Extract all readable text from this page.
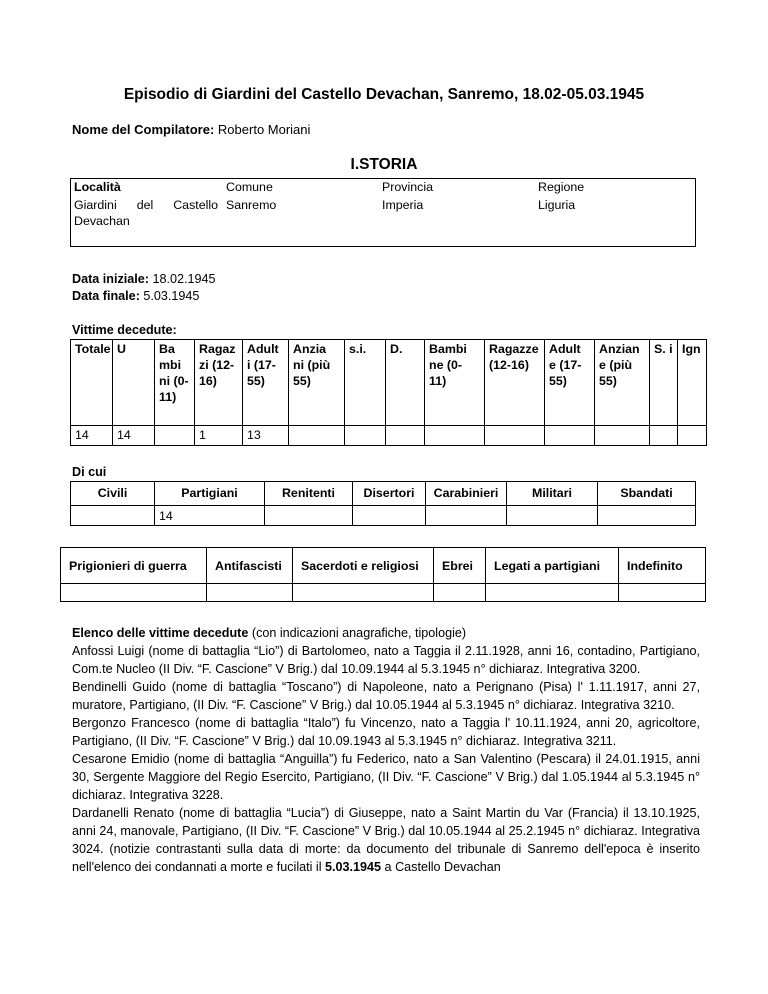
Episodio di Giardini del Castello Devachan, Sanremo, 18.02-05.03.1945
Nome del Compilatore: Roberto Moriani
I.STORIA
Località	Comune	Provincia	Regione
Giardini del Castello Devachan	Sanremo	Imperia	Liguria
Data iniziale: 18.02.1945
Data finale: 5.03.1945
Vittime decedute:
Totale	U	Ba mbi ni (0- 11)	Ragaz zi (12- 16)	Adult i (17- 55)	Anzia ni (più 55)	s.i.	D.	Bambi ne (0- 11)	Ragazze (12-16)	Adult e (17- 55)	Anzian e (più 55)	S. i	Ign
14	14		1	13									
Di cui
Civili	Partigiani	Renitenti	Disertori	Carabinieri	Militari	Sbandati
	14					
Prigionieri di guerra	Antifascisti	Sacerdoti e religiosi	Ebrei	Legati a partigiani	Indefinito

Elenco delle vittime decedute (con indicazioni anagrafiche, tipologie)

Anfossi Luigi (nome di battaglia “Lio”) di Bartolomeo, nato a Taggia il 2.11.1928, anni 16, contadino, Partigiano, Com.te Nucleo (II Div. “F. Cascione” V Brig.) dal 10.09.1944 al 5.3.1945 n° dichiaraz. Integrativa 3200.

Bendinelli Guido (nome di battaglia “Toscano”) di Napoleone, nato a Perignano (Pisa) l' 1.11.1917, anni 27, muratore, Partigiano, (II Div. “F. Cascione” V Brig.) dal 10.05.1944 al 5.3.1945 n° dichiaraz. Integrativa 3210.

Bergonzo Francesco (nome di battaglia “Italo”) fu Vincenzo, nato a Taggia l' 10.11.1924, anni 20, agricoltore, Partigiano, (II Div. “F. Cascione” V Brig.) dal 10.09.1943 al 5.3.1945 n° dichiaraz. Integrativa 3211.

Cesarone Emidio (nome di battaglia “Anguilla”) fu Federico, nato a San Valentino (Pescara) il 24.01.1915, anni 30, Sergente Maggiore del Regio Esercito, Partigiano, (II Div. “F. Cascione” V Brig.) dal 1.05.1944 al 5.3.1945 n° dichiaraz. Integrativa 3228.

Dardanelli Renato (nome di battaglia “Lucia”) di Giuseppe, nato a Saint Martin du Var (Francia) il 13.10.1925, anni 24, manovale, Partigiano, (II Div. “F. Cascione” V Brig.) dal 10.05.1944 al 25.2.1945 n° dichiaraz. Integrativa 3024. (notizie contrastanti sulla data di morte: da documento del tribunale di Sanremo dell'epoca è inserito nell'elenco dei condannati a morte e fucilati il 5.03.1945 a Castello Devachan
